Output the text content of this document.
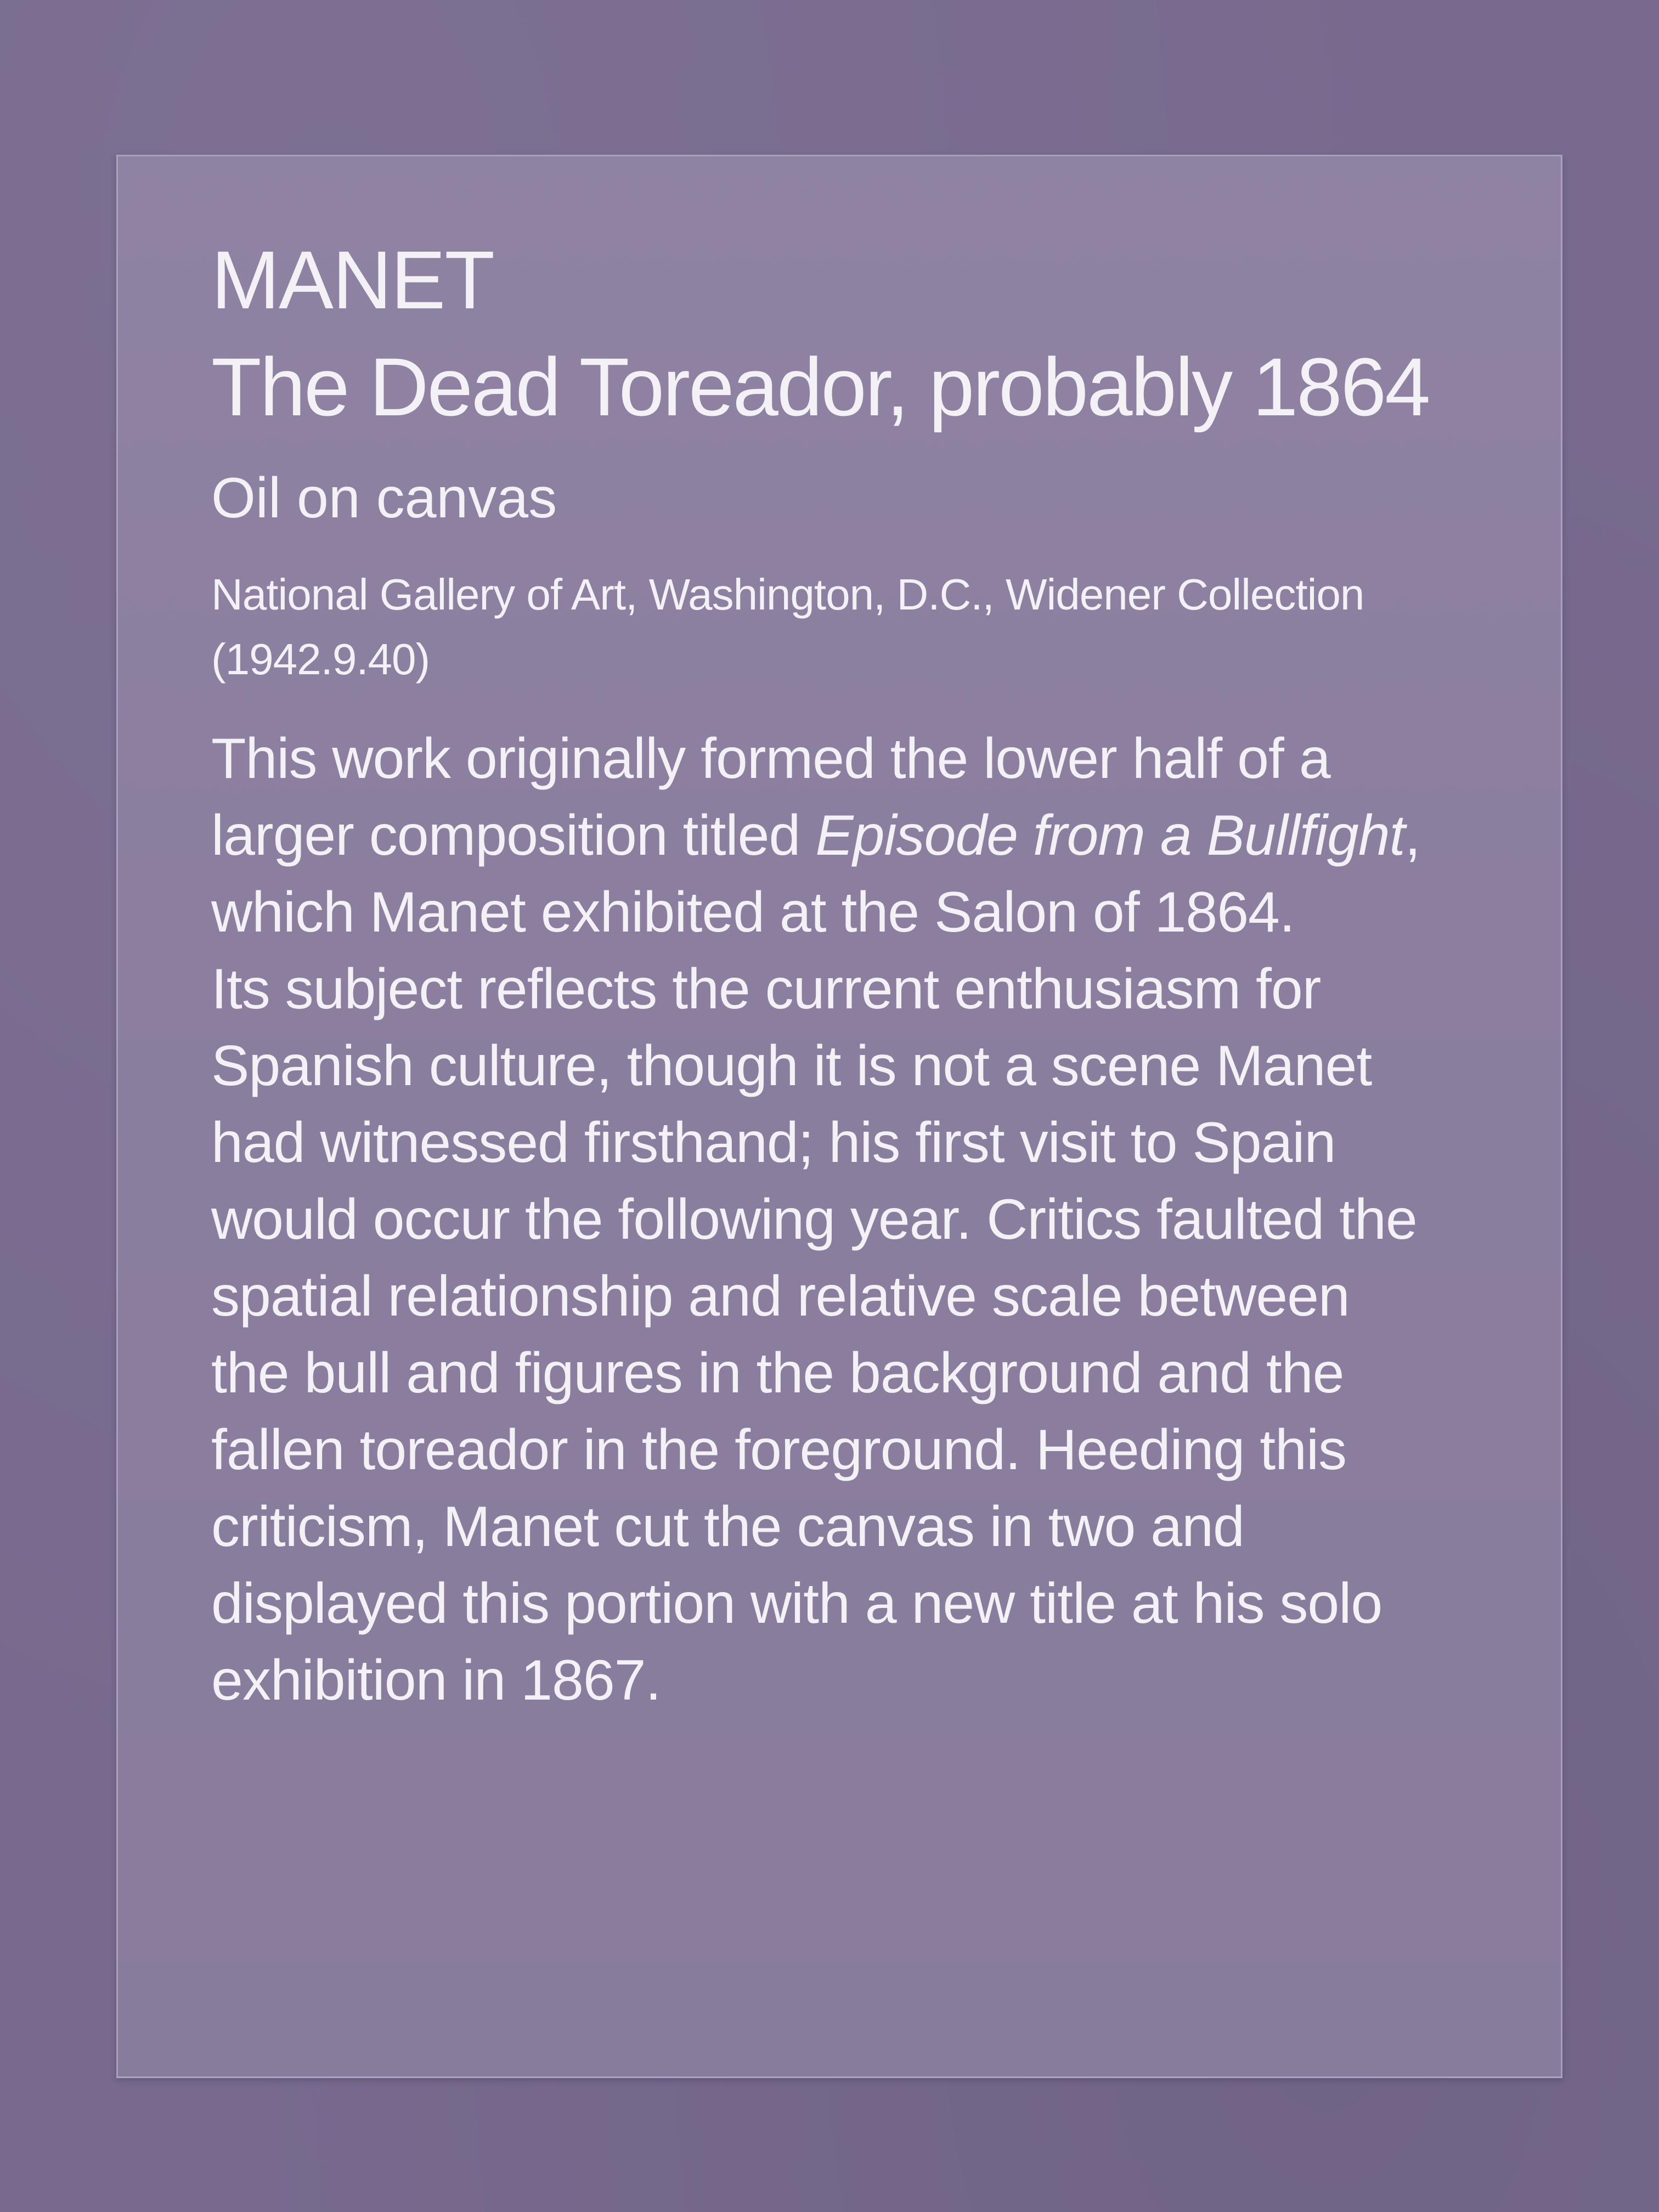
MANET
The Dead Toreador, probably 1864

Oil on canvas

National Gallery of Art, Washington, D.C., Widener Collection
(1942.9.40)

This work originally formed the lower half of a
larger composition titled Episode from a Bullfight,
which Manet exhibited at the Salon of 1864.
Its subject reflects the current enthusiasm for
Spanish culture, though it is not a scene Manet
had witnessed firsthand; his first visit to Spain
would occur the following year. Critics faulted the
spatial relationship and relative scale between
the bull and figures in the background and the
fallen toreador in the foreground. Heeding this
criticism, Manet cut the canvas in two and
displayed this portion with a new title at his solo
exhibition in 1867.
